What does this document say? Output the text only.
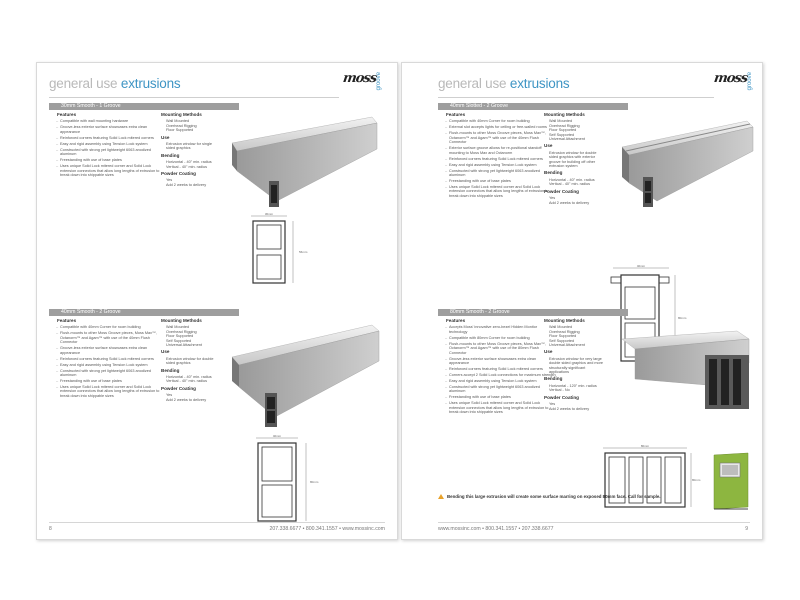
general use extrusions	moss
groove
30mm Smooth - 1 Groove
Features
– Compatible with wall mounting hardware
– Groove-less exterior surface showcases extra clean appearance
– Reinforced corners featuring Solid Lock mitered corners
– Easy and rigid assembly using Tension Lock system
– Constructed with strong yet lightweight 6063 anodized aluminum
– Freestanding with use of base plates
– Uses unique Solid Lock mitered corner and Solid Lock extension connectors that allow long lengths of extrusion to break down into shippable sizes
Mounting Methods
Wall Mounted
Overhead Rigging
Floor Supported
Use
Extrusion window for single sided graphics
Bending
Horizontal - 40" min. radius
Vertical - 40" min. radius
Powder Coating
Yes
Add 2 weeks to delivery
30mm
56mm
40mm Smooth - 2 Groove
Features
– Compatible with 40mm Corner for room building
– Flush-mounts to other Moss Groove pieces, Moss Max™, Octanorm™ and Agam™ with use of the 40mm Flush Connector
– Groove-less exterior surface showcases extra clean appearance
– Reinforced corners featuring Solid Lock mitered corners
– Easy and rigid assembly using Tension Lock system
– Constructed with strong yet lightweight 6063 anodized aluminum
– Freestanding with use of base plates
– Uses unique Solid Lock mitered corner and Solid Lock extension connectors that allow long lengths of extrusion to break down into shippable sizes
Mounting Methods
Wall Mounted
Overhead Rigging
Floor Supported
Self Supported
Universal Attachment
Use
Extrusion window for double sided graphics
Bending
Horizontal - 40" min. radius
Vertical - 40" min. radius
Powder Coating
Yes
Add 2 weeks to delivery
40mm
80mm
8	207.338.6677 • 800.341.1557 • www.mossinc.com
general use extrusions	moss
groove
40mm Slotted - 2 Groove
Features
– Compatible with 40mm Corner for room building
– External slot accepts lights for ceiling or free-walled rooms
– Flush-mounts to other Moss Groove pieces, Moss Max™, Octanorm™ and Agam™ with use of the 40mm Flush Connector
– Exterior surface groove allows for re-positional standoff mounting to Moss Max and Octanorm
– Reinforced corners featuring Solid Lock mitered corners
– Easy and rigid assembly using Tension Lock system
– Constructed with strong yet lightweight 6063 anodized aluminum
– Freestanding with use of base plates
– Uses unique Solid Lock mitered corner and Solid Lock extension connectors that allow long lengths of extrusion to break down into shippable sizes
Mounting Methods
Wall Mounted
Overhead Rigging
Floor Supported
Self Supported
Universal Attachment
Use
Extrusion window for double sided graphics with exterior groove for building off other extrusion system
Bending
Horizontal - 40" min. radius
Vertical - 40" min. radius
Powder Coating
Yes
Add 2 weeks to delivery
40mm
80mm
80mm Smooth - 2 Groove
Features
– Accepts Moss' innovative zero-bezel Hidden Monitor technology
– Compatible with 80mm Corner for room building
– Flush-mounts to other Moss Groove pieces, Moss Max™, Octanorm™ and Agam™ with use of the 80mm Flush Connector
– Groove-less exterior surface showcases extra clean appearance
– Reinforced corners featuring Solid Lock mitered corners
– Corners accept 2 Solid Lock connections for maximum strength
– Easy and rigid assembly using Tension Lock system
– Constructed with strong yet lightweight 6063 anodized aluminum
– Freestanding with use of base plates
– Uses unique Solid Lock mitered corner and Solid Lock extension connectors that allow long lengths of extrusion to break down into shippable sizes
Mounting Methods
Wall Mounted
Overhead Rigging
Floor Supported
Self Supported
Universal Attachment
Use
Extrusion window for very large double sided graphics and more structurally significant applications
Bending
Horizontal - 120" min. radius
Vertical - No
Powder Coating
Yes
Add 2 weeks to delivery
80mm
80mm
Bending this large extrusion will create some surface marring on exposed 80mm face. Call for sample.
www.mossinc.com • 800.341.1557 • 207.338.6677	9
